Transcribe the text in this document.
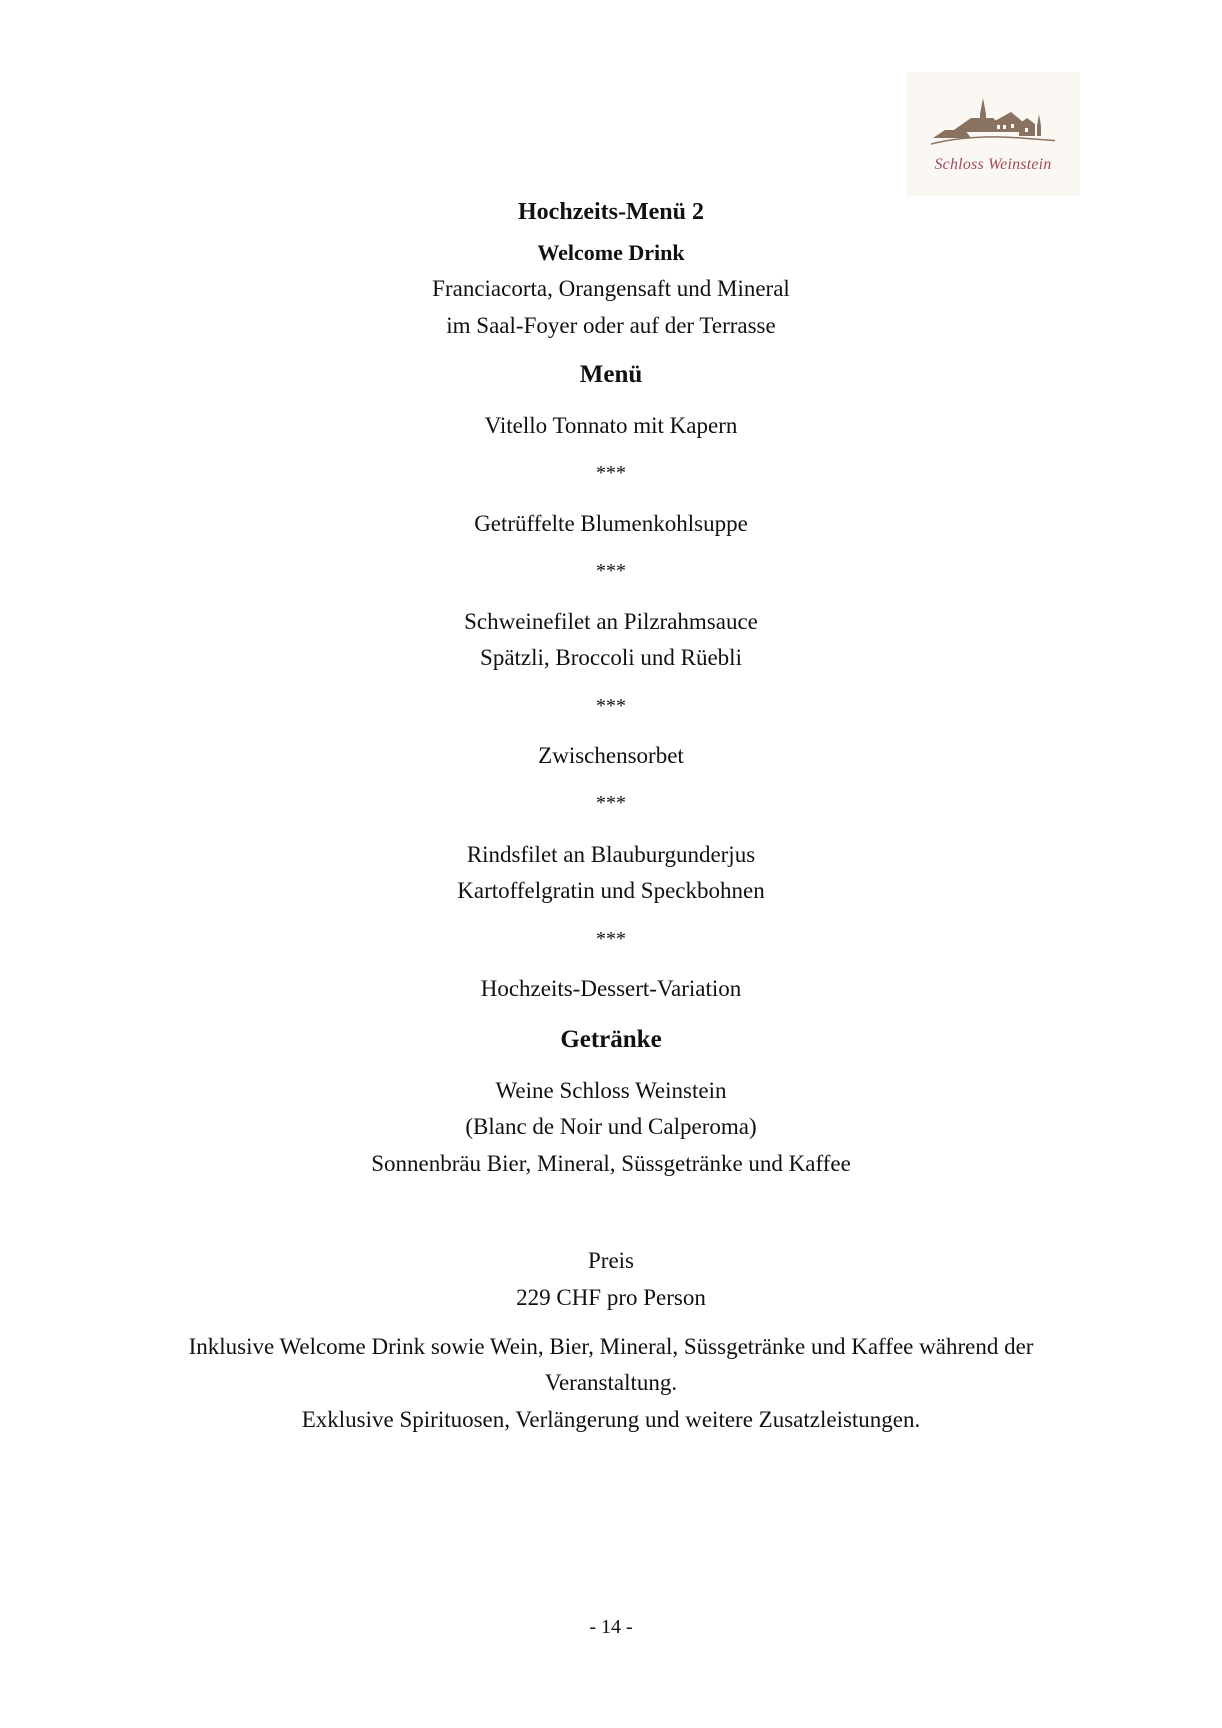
Schloss Weinstein
Hochzeits-Menü 2
Welcome Drink
Franciacorta, Orangensaft und Mineral
im Saal-Foyer oder auf der Terrasse
Menü
Vitello Tonnato mit Kapern
***
Getrüffelte Blumenkohlsuppe
***
Schweinefilet an Pilzrahmsauce
Spätzli, Broccoli und Rüebli
***
Zwischensorbet
***
Rindsfilet an Blauburgunderjus
Kartoffelgratin und Speckbohnen
***
Hochzeits-Dessert-Variation
Getränke
Weine Schloss Weinstein
(Blanc de Noir und Calperoma)
Sonnenbräu Bier, Mineral, Süssgetränke und Kaffee
Preis
229 CHF pro Person
Inklusive Welcome Drink sowie Wein, Bier, Mineral, Süssgetränke und Kaffee während der
Veranstaltung.
Exklusive Spirituosen, Verlängerung und weitere Zusatzleistungen.
- 14 -
